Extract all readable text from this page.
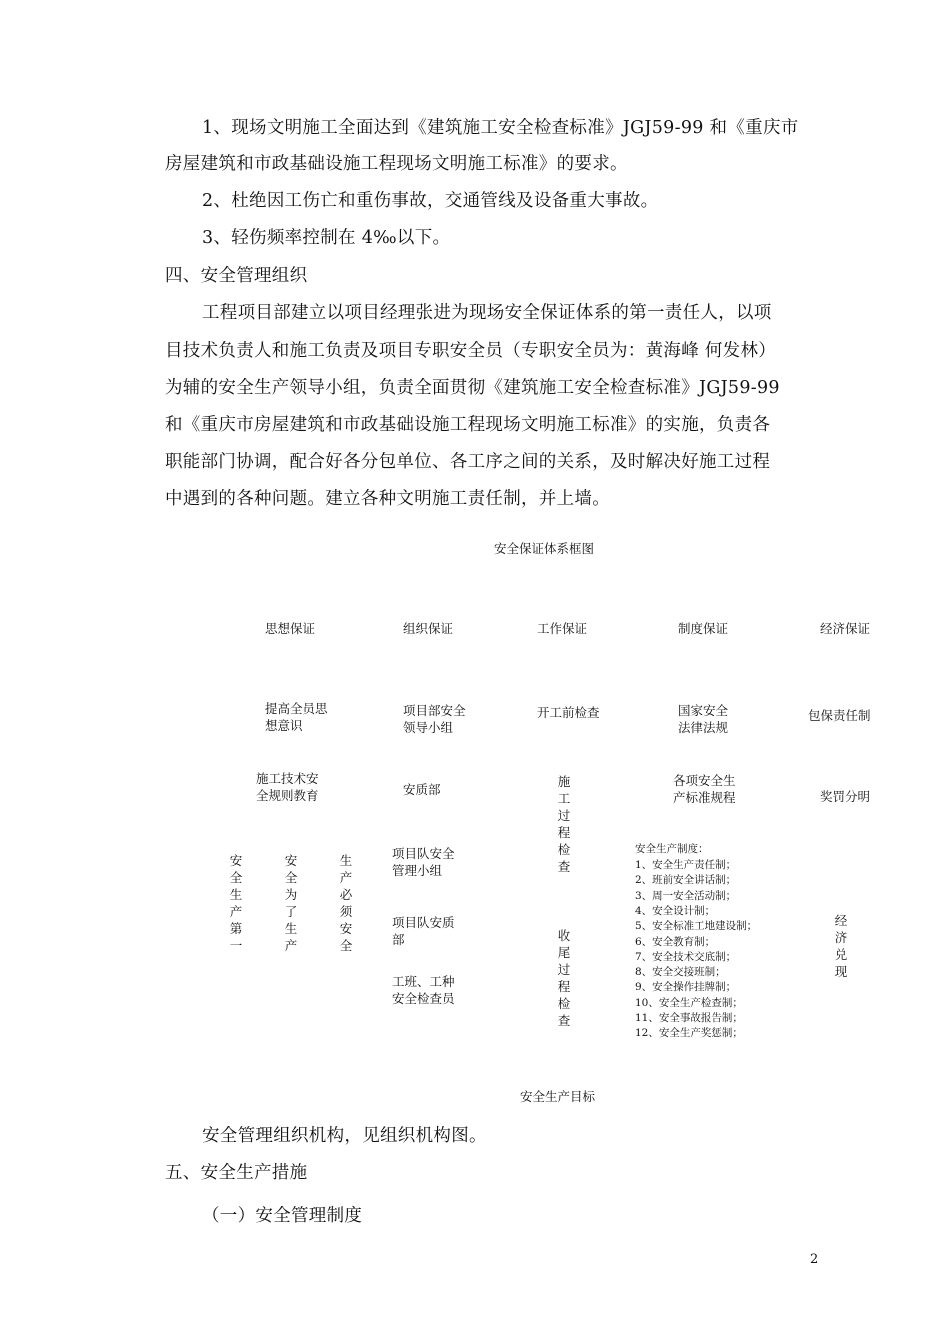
1、现场文明施工全面达到《建筑施工安全检查标准》JGJ59-99 和《重庆市
房屋建筑和市政基础设施工程现场文明施工标准》的要求。
2、杜绝因工伤亡和重伤事故，交通管线及设备重大事故。
3、轻伤频率控制在 4‰以下。
四、安全管理组织
工程项目部建立以项目经理张进为现场安全保证体系的第一责任人，以项
目技术负责人和施工负责及项目专职安全员（专职安全员为：黄海峰 何发林）
为辅的安全生产领导小组，负责全面贯彻《建筑施工安全检查标准》JGJ59-99
和《重庆市房屋建筑和市政基础设施工程现场文明施工标准》的实施，负责各
职能部门协调，配合好各分包单位、各工序之间的关系，及时解决好施工过程
中遇到的各种问题。建立各种文明施工责任制，并上墙。
安全保证体系框图
思想保证	组织保证	工作保证	制度保证	经济保证
提高全员思
想意识
施工技术安
全规则教育
安全生产第一
安全为了生产
生产必须安全
项目部安全
领导小组
安质部
项目队安全
管理小组
项目队安质
部
工班、工种
安全检查员
开工前检查
施工过程检查
收尾过程检查
国家安全
法律法规
各项安全生
产标准规程
安全生产制度：
1、安全生产责任制；
2、班前安全讲话制；
3、周一安全活动制；
4、安全设计制；
5、安全标准工地建设制；
6、安全教育制；
7、安全技术交底制；
8、安全交接班制；
9、安全操作挂牌制；
10、安全生产检查制；
11、安全事故报告制；
12、安全生产奖惩制；
包保责任制
奖罚分明
经济兑现
安全生产目标
安全管理组织机构，见组织机构图。
五、安全生产措施
（一）安全管理制度
2
